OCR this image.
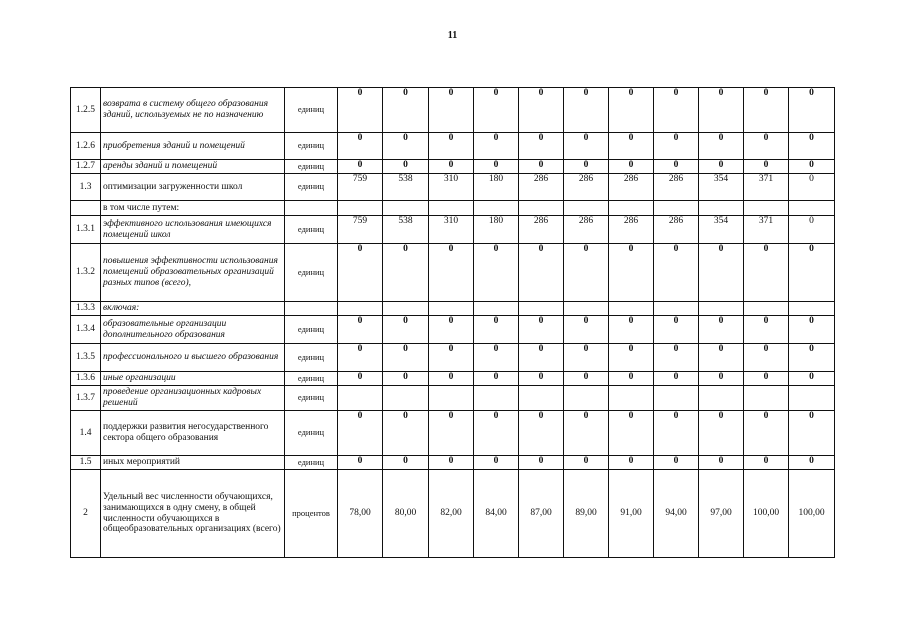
11
1.2.5	возврата в систему общего образования зданий, используемых не по назначению	единиц	0	0	0	0	0	0	0	0	0	0	0
1.2.6	приобретения зданий и помещений	единиц	0	0	0	0	0	0	0	0	0	0	0
1.2.7	аренды зданий и помещений	единиц	0	0	0	0	0	0	0	0	0	0	0
1.3	оптимизации загруженности школ	единиц	759	538	310	180	286	286	286	286	354	371	0
	в том числе путем:												
1.3.1	эффективного использования имеющихся помещений школ	единиц	759	538	310	180	286	286	286	286	354	371	0
1.3.2	повышения эффективности использования помещений образовательных организаций разных типов (всего),	единиц	0	0	0	0	0	0	0	0	0	0	0
1.3.3	включая:												
1.3.4	образовательные организации дополнительного образования	единиц	0	0	0	0	0	0	0	0	0	0	0
1.3.5	профессионального и высшего образования	единиц	0	0	0	0	0	0	0	0	0	0	0
1.3.6	иные организации	единиц	0	0	0	0	0	0	0	0	0	0	0
1.3.7	проведение организационных кадровых решений	единиц											
1.4	поддержки развития негосударственного сектора общего образования	единиц	0	0	0	0	0	0	0	0	0	0	0
1.5	иных мероприятий	единиц	0	0	0	0	0	0	0	0	0	0	0
2	Удельный вес численности обучающихся, занимающихся в одну смену, в общей численности обучающихся в общеобразовательных организациях (всего)	процентов	78,00	80,00	82,00	84,00	87,00	89,00	91,00	94,00	97,00	100,00	100,00
